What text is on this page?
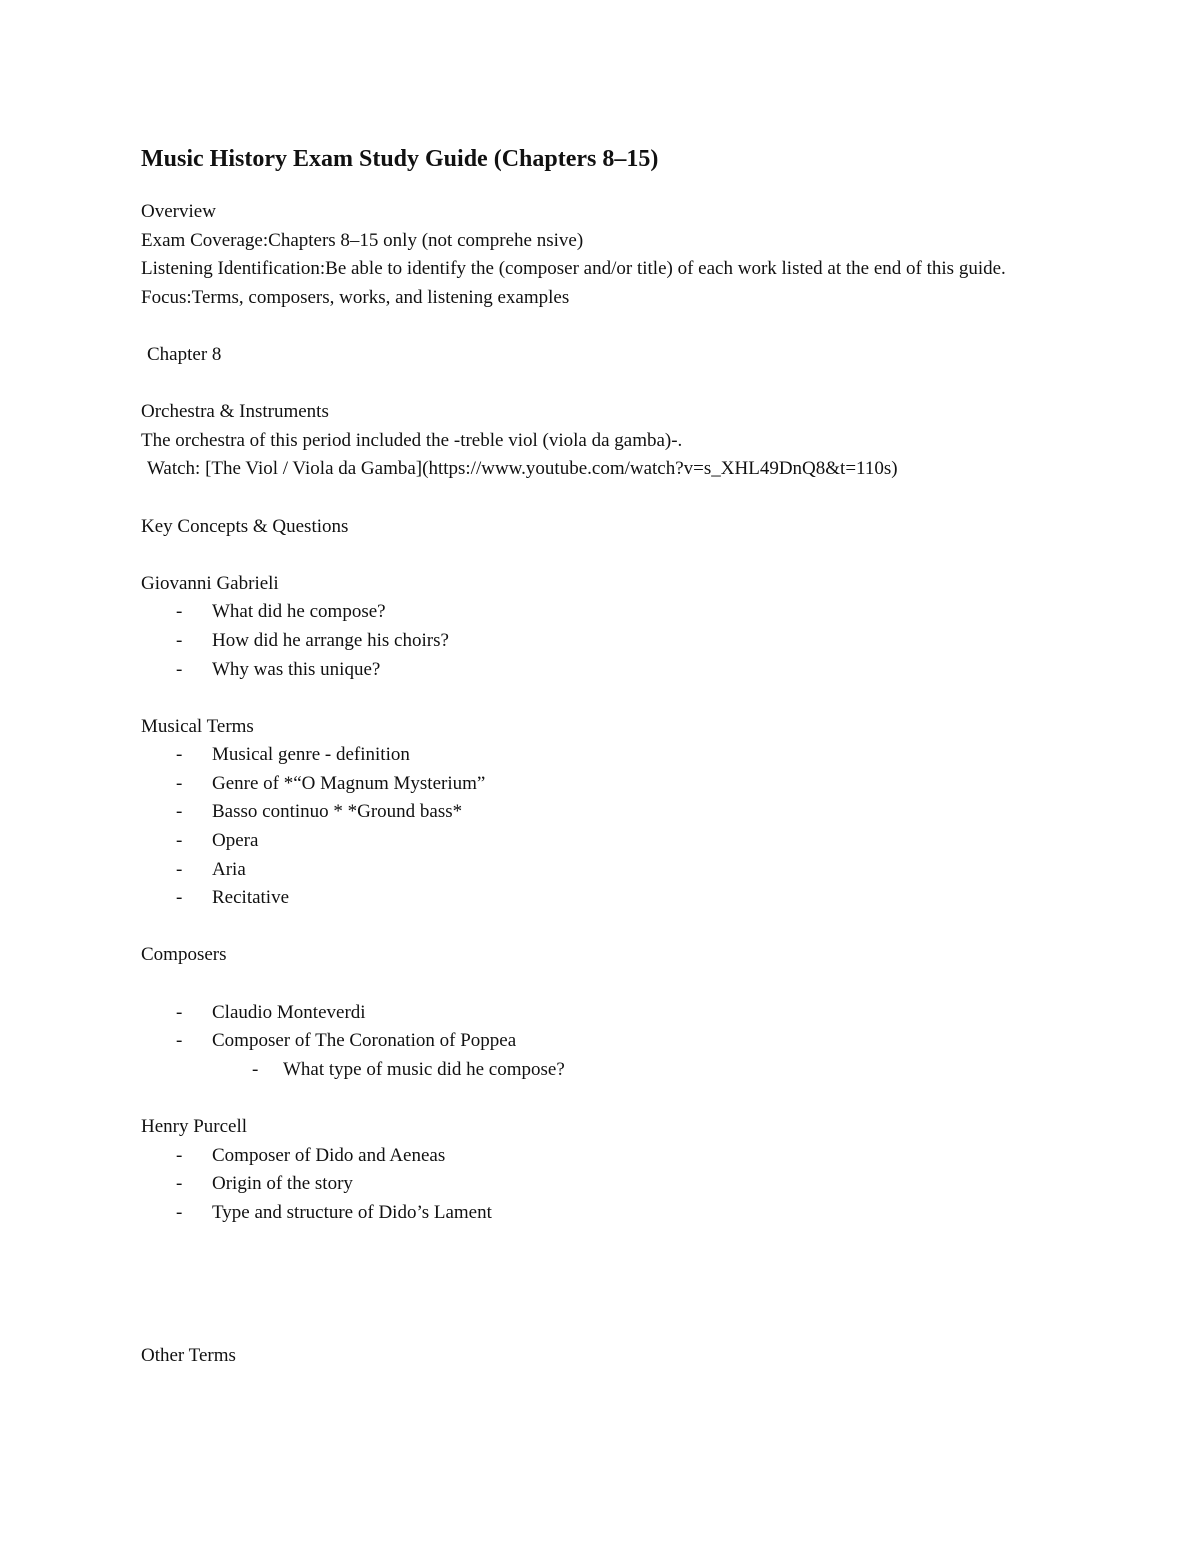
Music History Exam Study Guide (Chapters 8–15)

Overview

Exam Coverage:Chapters 8–15 only (not comprehe nsive)

Listening Identification:Be able to identify the (composer and/or title) of each work listed at the end of this guide.

Focus:Terms, composers, works, and listening examples

Chapter 8

Orchestra & Instruments

The orchestra of this period included the -treble viol (viola da gamba)-.

Watch: [The Viol / Viola da Gamba](https://www.youtube.com/watch?v=s_XHL49DnQ8&t=110s)

Key Concepts & Questions

Giovanni Gabrieli

- What did he compose?
- How did he arrange his choirs?
- Why was this unique?

Musical Terms

- Musical genre - definition
- Genre of *“O Magnum Mysterium”
- Basso continuo * *Ground bass*
- Opera
- Aria
- Recitative

Composers

- Claudio Monteverdi
- Composer of The Coronation of Poppea
- What type of music did he compose?

Henry Purcell

- Composer of Dido and Aeneas
- Origin of the story
- Type and structure of Dido’s Lament

Other Terms
